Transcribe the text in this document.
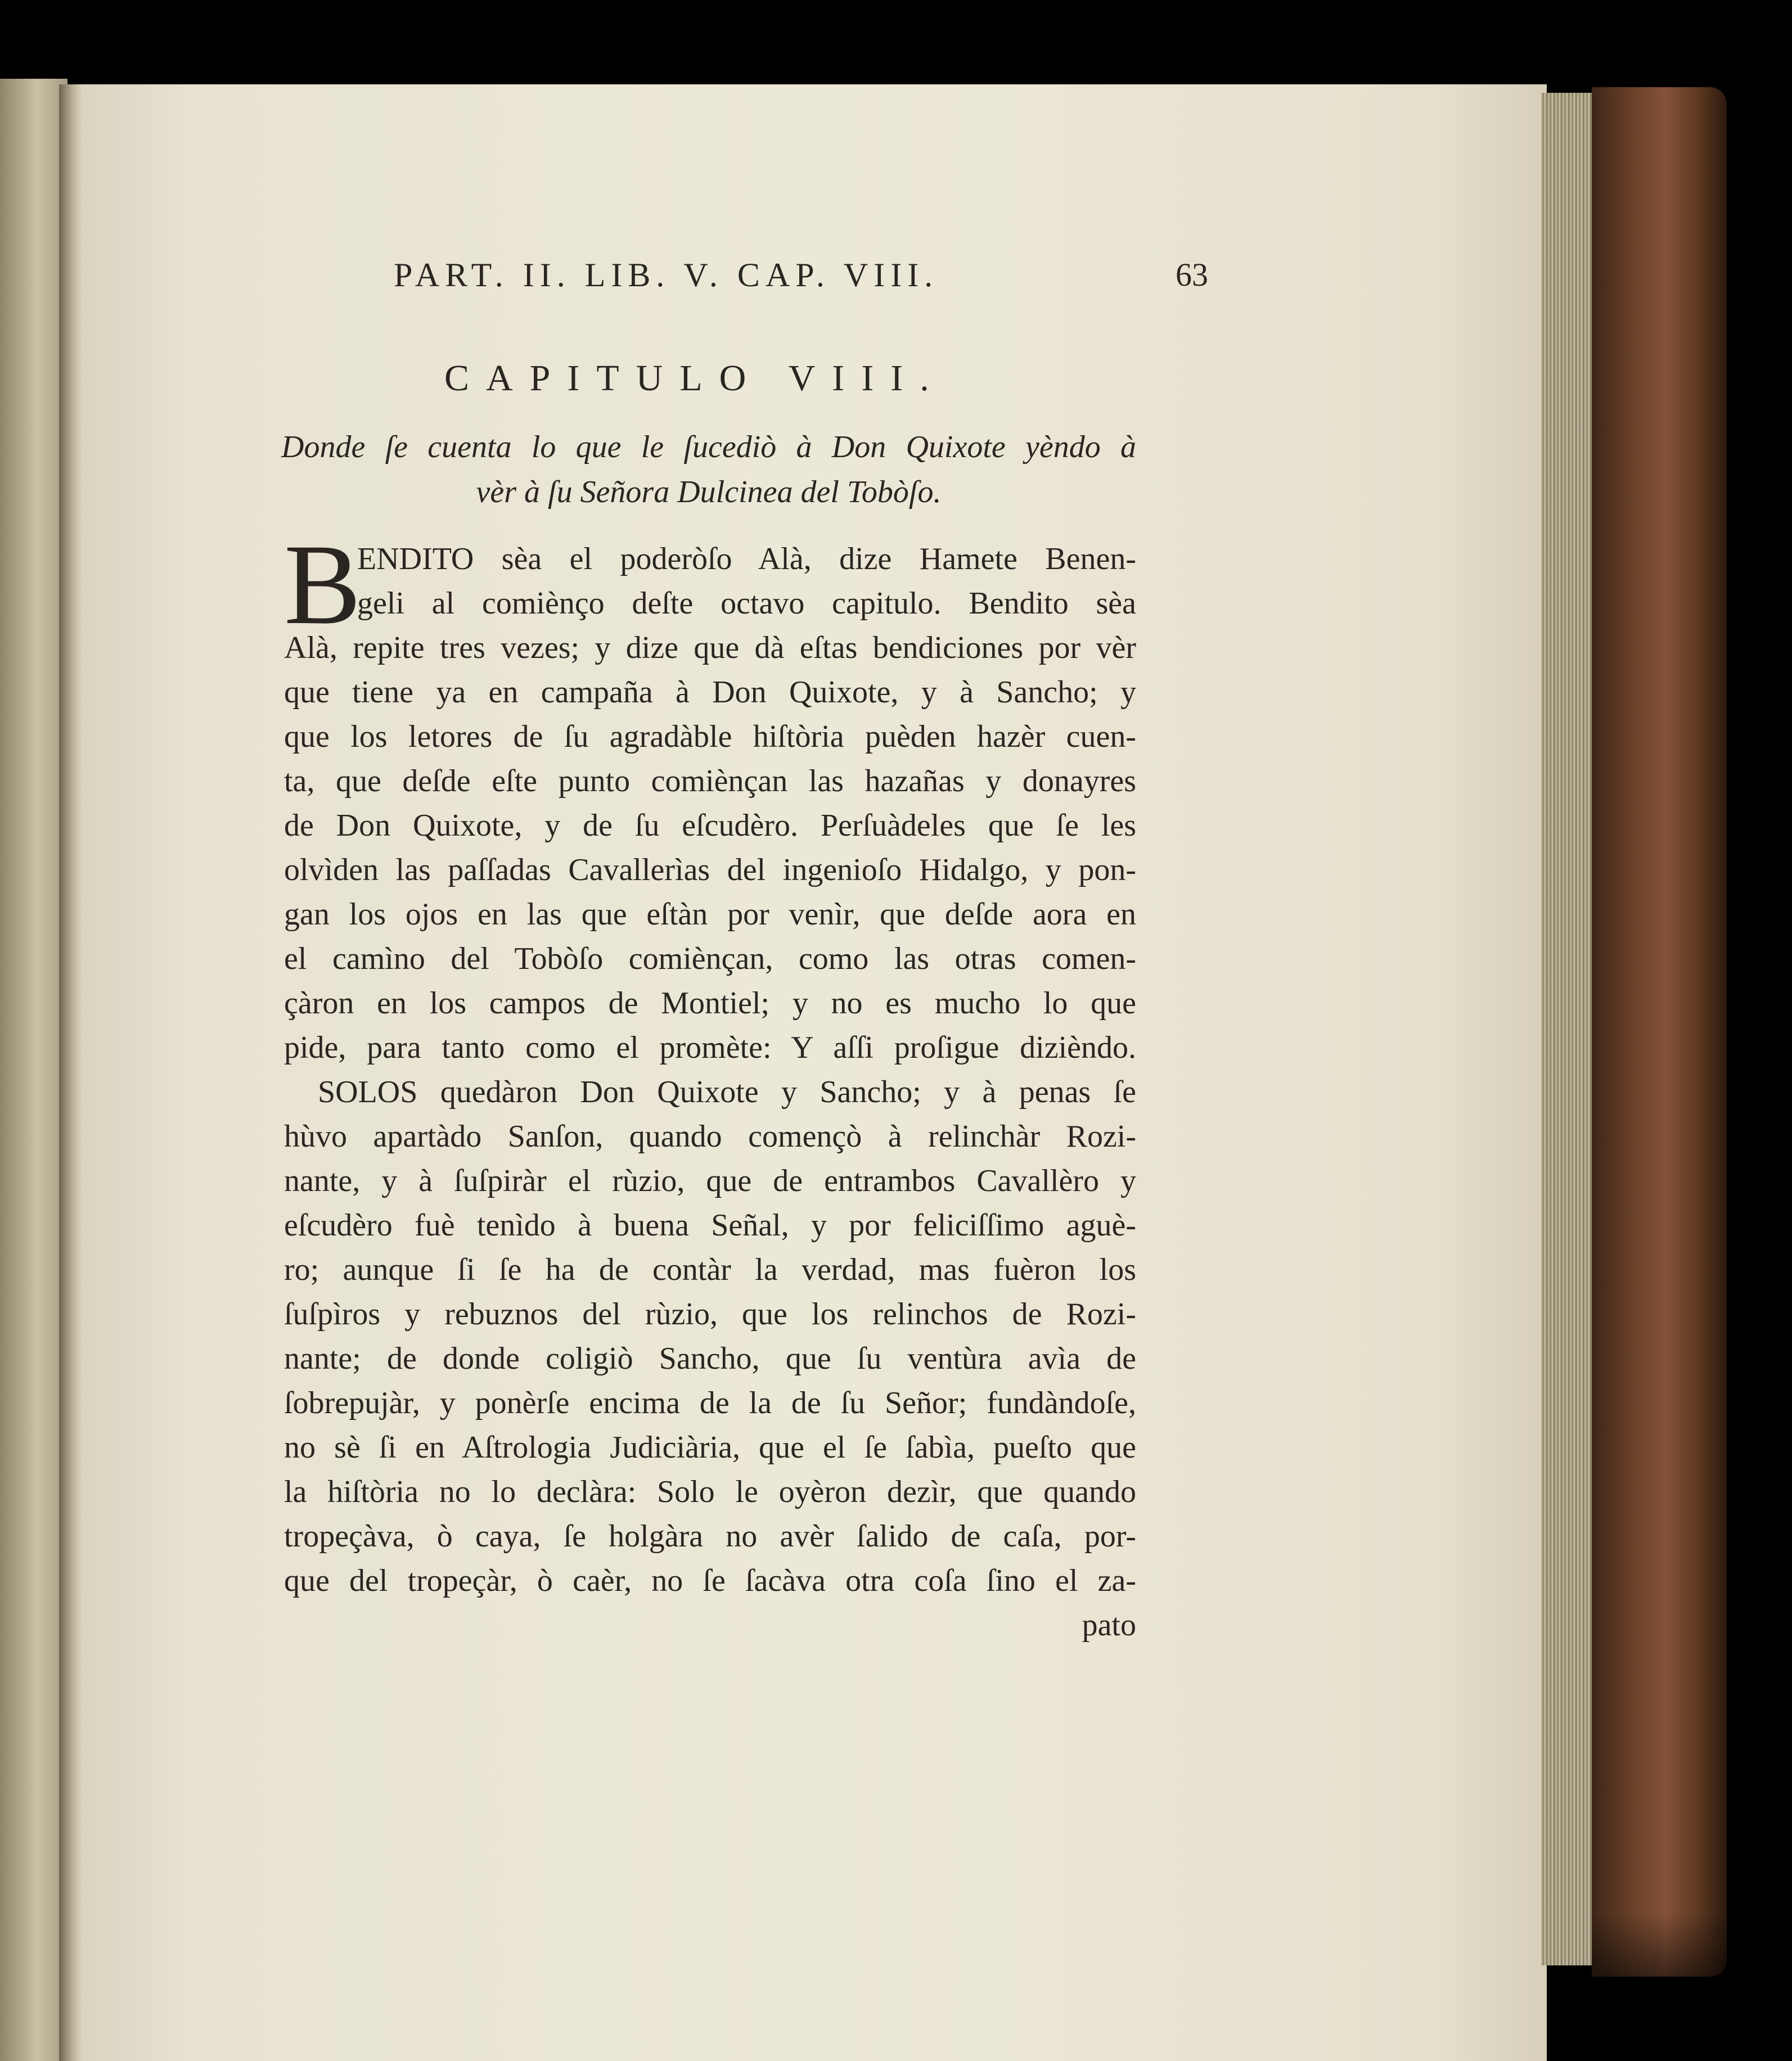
PART. II. LIB. V. CAP. VIII.	63
CAPITULO VIII.
Donde ſe cuenta lo que le ſucediò à Don Quixote yèndo à
vèr à ſu Señora Dulcinea del Tobòſo.
B
ENDITO sèa el poderòſo Alà, dize Hamete Benen-
geli al comiènço deſte octavo capitulo. Bendito sèa
Alà, repite tres vezes; y dize que dà eſtas bendiciones por vèr
que tiene ya en campaña à Don Quixote, y à Sancho; y
que los letores de ſu agradàble hiſtòria puèden hazèr cuen-
ta, que deſde eſte punto comiènçan las hazañas y donayres
de Don Quixote, y de ſu eſcudèro. Perſuàdeles que ſe les
olvìden las paſſadas Cavallerìas del ingenioſo Hidalgo, y pon-
gan los ojos en las que eſtàn por venìr, que deſde aora en
el camìno del Tobòſo comiènçan, como las otras comen-
çàron en los campos de Montiel; y no es mucho lo que
pide, para tanto como el promète: Y aſſi proſigue dizièndo.
SOLOS quedàron Don Quixote y Sancho; y à penas ſe
hùvo apartàdo Sanſon, quando començò à relinchàr Rozi-
nante, y à ſuſpiràr el rùzio, que de entrambos Cavallèro y
eſcudèro fuè tenìdo à buena Señal, y por feliciſſimo aguè-
ro; aunque ſi ſe ha de contàr la verdad, mas fuèron los
ſuſpìros y rebuznos del rùzio, que los relinchos de Rozi-
nante; de donde coligiò Sancho, que ſu ventùra avìa de
ſobrepujàr, y ponèrſe encima de la de ſu Señor; fundàndoſe,
no sè ſi en Aſtrologia Judiciària, que el ſe ſabìa, pueſto que
la hiſtòria no lo declàra: Solo le oyèron dezìr, que quando
tropeçàva, ò caya, ſe holgàra no avèr ſalido de caſa, por-
que del tropeçàr, ò caèr, no ſe ſacàva otra coſa ſino el za-
pato
